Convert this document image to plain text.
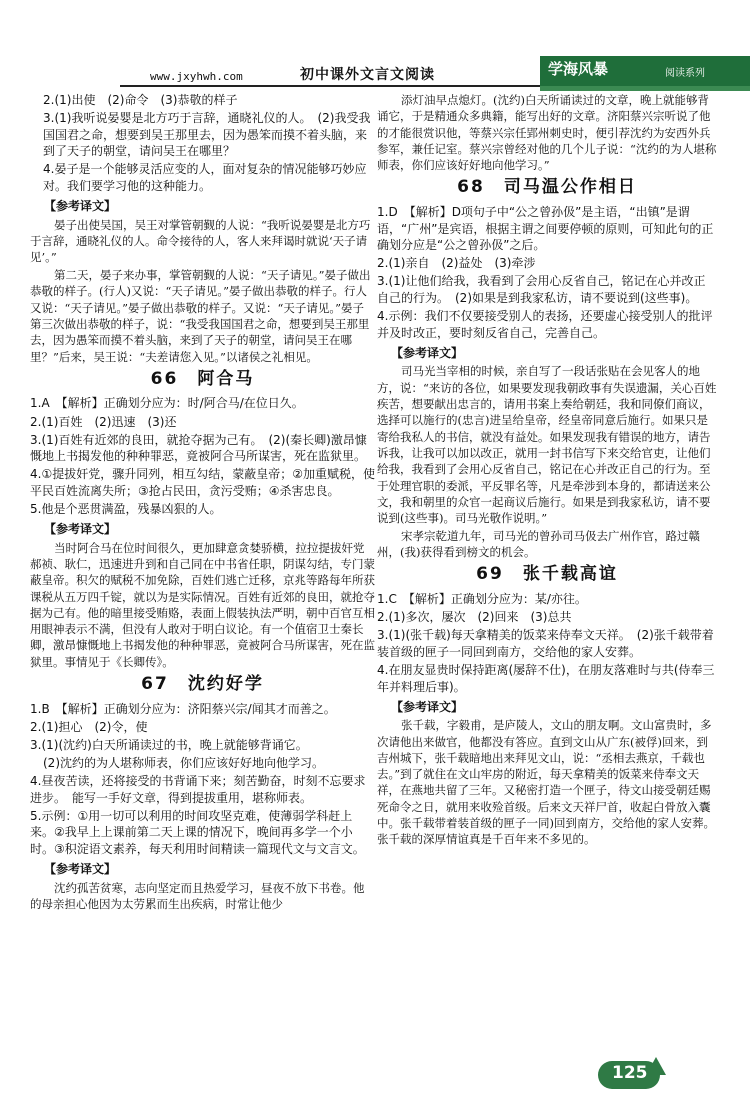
www.jxyhwh.com	初中课外文言文阅读	学海风暴	阅读系列

2.(1)出使　(2)命令　(3)恭敬的样子

3.(1)我听说晏婴是北方巧于言辞，通晓礼仪的人。　(2)我受我国国君之命，想要到吴王那里去，因为愚笨而摸不着头脑，来到了天子的朝堂，请问吴王在哪里？

4.晏子是一个能够灵活应变的人，面对复杂的情况能够巧妙应对。我们要学习他的这种能力。

【参考译文】

晏子出使吴国，吴王对掌管朝觐的人说：“我听说晏婴是北方巧于言辞，通晓礼仪的人。命令接待的人，客人来拜谒时就说‘天子请见’。”

第二天，晏子来办事，掌管朝觐的人说：“天子请见。”晏子做出恭敬的样子。(行人)又说：“天子请见。”晏子做出恭敬的样子。行人又说：“天子请见。”晏子做出恭敬的样子。又说：“天子请见。”晏子第三次做出恭敬的样子，说：“我受我国国君之命，想要到吴王那里去，因为愚笨而摸不着头脑，来到了天子的朝堂，请问吴王在哪里？”后来，吴王说：“夫差请您入见。”以诸侯之礼相见。

66　阿合马

1.A　【解析】正确划分应为：时/阿合马/在位日久。

2.(1)百姓　(2)迅速　(3)还

3.(1)百姓有近郊的良田，就抢夺据为己有。　(2)(秦长卿)激昂慷慨地上书揭发他的种种罪恶，竟被阿合马所谋害，死在监狱里。

4.①提拔奸党，骤升同列，相互勾结，蒙蔽皇帝；②加重赋税，使平民百姓流离失所；③抢占民田，贪污受贿；④杀害忠良。

5.他是个恶贯满盈，残暴凶狠的人。

【参考译文】

当时阿合马在位时间很久，更加肆意贪婪骄横，拉拉提拔奸党郝祯、耿仁，迅速进升到和自己同在中书省任职，阴谋勾结，专门蒙蔽皇帝。积欠的赋税不加免除，百姓们逃亡迁移，京兆等路每年所获课税从五万四千锭，就以为是实际情况。百姓有近郊的良田，就抢夺据为己有。他的暗里接受贿赂，表面上假装执法严明，朝中百官互相用眼神表示不满，但没有人敢对于明白议论。有一个值宿卫士秦长卿，激昂慷慨地上书揭发他的种种罪恶，竟被阿合马所谋害，死在监狱里。事情见于《长卿传》。

67　沈约好学

1.B　【解析】正确划分应为：济阳蔡兴宗/闻其才而善之。

2.(1)担心　(2)令，使

3.(1)(沈约)白天所诵读过的书，晚上就能够背诵它。

(2)沈约的为人堪称师表，你们应该好好地向他学习。

4.昼夜苦读，还将接受的书背诵下来；刻苦勤奋，时刻不忘要求进步。　能写一手好文章，得到提拔重用，堪称师表。

5.示例：①用一切可以利用的时间攻坚克难，使薄弱学科赶上来。②我早上上课前第二天上课的情况下，晚间再多学一个小时。③积淀语文素养，每天利用时间精读一篇现代文与文言文。

【参考译文】

沈约孤苦贫寒，志向坚定而且热爱学习，昼夜不放下书卷。他的母亲担心他因为太劳累而生出疾病，时常让他少

添灯油早点熄灯。(沈约)白天所诵读过的文章，晚上就能够背诵它，于是精通众多典籍，能写出好的文章。济阳蔡兴宗听说了他的才能很赏识他，等蔡兴宗任郢州刺史时，便引荐沈约为安西外兵参军，兼任记室。蔡兴宗曾经对他的几个儿子说：“沈约的为人堪称师表，你们应该好好地向他学习。”

68　司马温公作相日

1.D　【解析】D项句子中“公之曾孙伋”是主语，“出镇”是谓语，“广州”是宾语，根据主谓之间要停顿的原则，可知此句的正确划分应是“公之曾孙伋”之后。

2.(1)亲自　(2)益处　(3)牵涉

3.(1)让他们给我，我看到了会用心反省自己，铭记在心并改正自己的行为。　(2)如果是到我家私访，请不要说到(这些事)。

4.示例：我们不仅要接受别人的表扬，还要虚心接受别人的批评并及时改正，要时刻反省自己，完善自己。

【参考译文】

司马光当宰相的时候，亲自写了一段话张贴在会见客人的地方，说：“来访的各位，如果要发现我朝政事有失误遗漏，关心百姓疾苦，想要献出忠言的，请用书案上奏给朝廷，我和同僚们商议，选择可以施行的(忠言)进呈给皇帝，经皇帝同意后施行。如果只是寄给我私人的书信，就没有益处。如果发现我有错误的地方，请告诉我，让我可以加以改正，就用一封书信写下来交给官吏，让他们给我，我看到了会用心反省自己，铭记在心并改正自己的行为。至于处理官职的委派，平反罪名等，凡是牵涉到本身的，都请送来公文，我和朝里的众官一起商议后施行。如果是到我家私访，请不要说到(这些事)。司马光敬作说明。”

宋孝宗乾道九年，司马光的曾孙司马伋去广州作官，路过赣州，(我)获得看到榜文的机会。

69　张千载高谊

1.C　【解析】正确划分应为：某/亦往。

2.(1)多次，屡次　(2)回来　(3)总共

3.(1)(张千载)每天拿精美的饭菜来侍奉文天祥。　(2)张千载带着装首级的匣子一同回到南方，交给他的家人安葬。

4.在朋友显贵时保持距离(屡辞不仕)，在朋友落难时与共(侍奉三年并料理后事)。

【参考译文】

张千载，字毅甫，是庐陵人，文山的朋友啊。文山富贵时，多次请他出来做官，他都没有答应。直到文山从广东(被俘)回来，到吉州城下，张千载暗地出来拜见文山，说：“丞相去燕京，千载也去。”到了就住在文山牢房的附近，每天拿精美的饭菜来侍奉文天祥，在燕地共留了三年。又秘密打造一个匣子，待文山接受朝廷赐死命令之日，就用来收殓首级。后来文天祥尸首，收起白骨放入囊中。张千载带着装首级的匣子一同)回到南方，交给他的家人安葬。张千载的深厚情谊真是千百年来不多见的。

125
